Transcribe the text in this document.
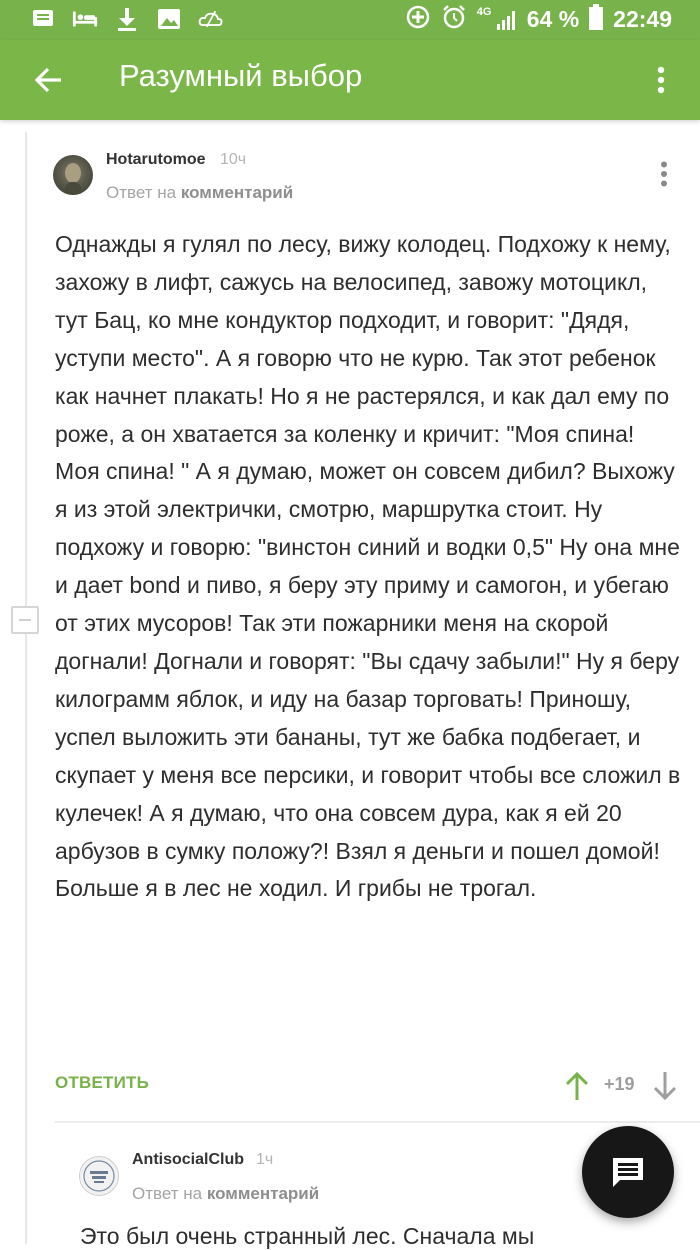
4G 64 % 22:49
Разумный выбор
Hotarutomoe 10ч
Ответ на комментарий

Однажды я гулял по лесу, вижу колодец. Подхожу к нему, захожу в лифт, сажусь на велосипед, завожу мотоцикл, тут Бац, ко мне кондуктор подходит, и говорит: "Дядя, уступи место". А я говорю что не курю. Так этот ребенок как начнет плакать! Но я не растерялся, и как дал ему по роже, а он хватается за коленку и кричит: "Моя спина! Моя спина! " А я думаю, может он совсем дибил? Выхожу я из этой электрички, смотрю, маршрутка стоит. Ну подхожу и говорю: "винстон синий и водки 0,5" Ну она мне и дает bond и пиво, я беру эту приму и самогон, и убегаю от этих мусоров! Так эти пожарники меня на скорой догнали! Догнали и говорят: "Вы сдачу забыли!" Ну я беру килограмм яблок, и иду на базар торговать! Приношу, успел выложить эти бананы, тут же бабка подбегает, и скупает у меня все персики, и говорит чтобы все сложил в кулечек! А я думаю, что она совсем дура, как я ей 20 арбузов в сумку положу?! Взял я деньги и пошел домой! Больше я в лес не ходил. И грибы не трогал.

ОТВЕТИТЬ	+19
AntisocialClub 1ч
Ответ на комментарий
Это был очень странный лес. Сначала мы
